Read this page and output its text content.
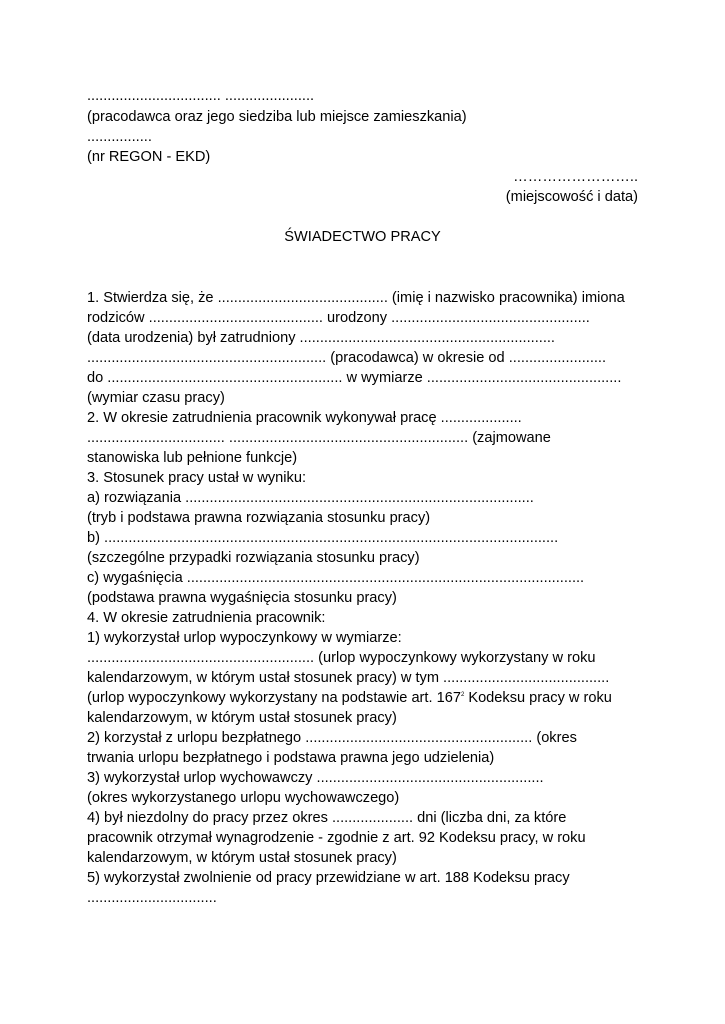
................................. ......................
(pracodawca oraz jego siedziba lub miejsce zamieszkania)
................
(nr REGON - EKD)
……………………..
(miejscowość i data)
ŚWIADECTWO PRACY
1. Stwierdza się, że .......................................... (imię i nazwisko pracownika) imiona
rodziców ........................................... urodzony .................................................
(data urodzenia) był zatrudniony ...............................................................
........................................................... (pracodawca) w okresie od ........................
do .......................................................... w wymiarze ................................................
(wymiar czasu pracy)
2. W okresie zatrudnienia pracownik wykonywał pracę ....................
.................................. ........................................................... (zajmowane
stanowiska lub pełnione funkcje)
3. Stosunek pracy ustał w wyniku:
a) rozwiązania ......................................................................................
(tryb i podstawa prawna rozwiązania stosunku pracy)
b) ................................................................................................................
(szczególne przypadki rozwiązania stosunku pracy)
c) wygaśnięcia ..................................................................................................
(podstawa prawna wygaśnięcia stosunku pracy)
4. W okresie zatrudnienia pracownik:
1) wykorzystał urlop wypoczynkowy w wymiarze:
........................................................ (urlop wypoczynkowy wykorzystany w roku
kalendarzowym, w którym ustał stosunek pracy) w tym .........................................
(urlop wypoczynkowy wykorzystany na podstawie art. $167^2$ Kodeksu pracy w roku
kalendarzowym, w którym ustał stosunek pracy)
2) korzystał z urlopu bezpłatnego ........................................................ (okres
trwania urlopu bezpłatnego i podstawa prawna jego udzielenia)
3) wykorzystał urlop wychowawczy ........................................................
(okres wykorzystanego urlopu wychowawczego)
4) był niezdolny do pracy przez okres .................... dni (liczba dni, za które
pracownik otrzymał wynagrodzenie - zgodnie z art. 92 Kodeksu pracy, w roku
kalendarzowym, w którym ustał stosunek pracy)
5) wykorzystał zwolnienie od pracy przewidziane w art. 188 Kodeksu pracy
................................
